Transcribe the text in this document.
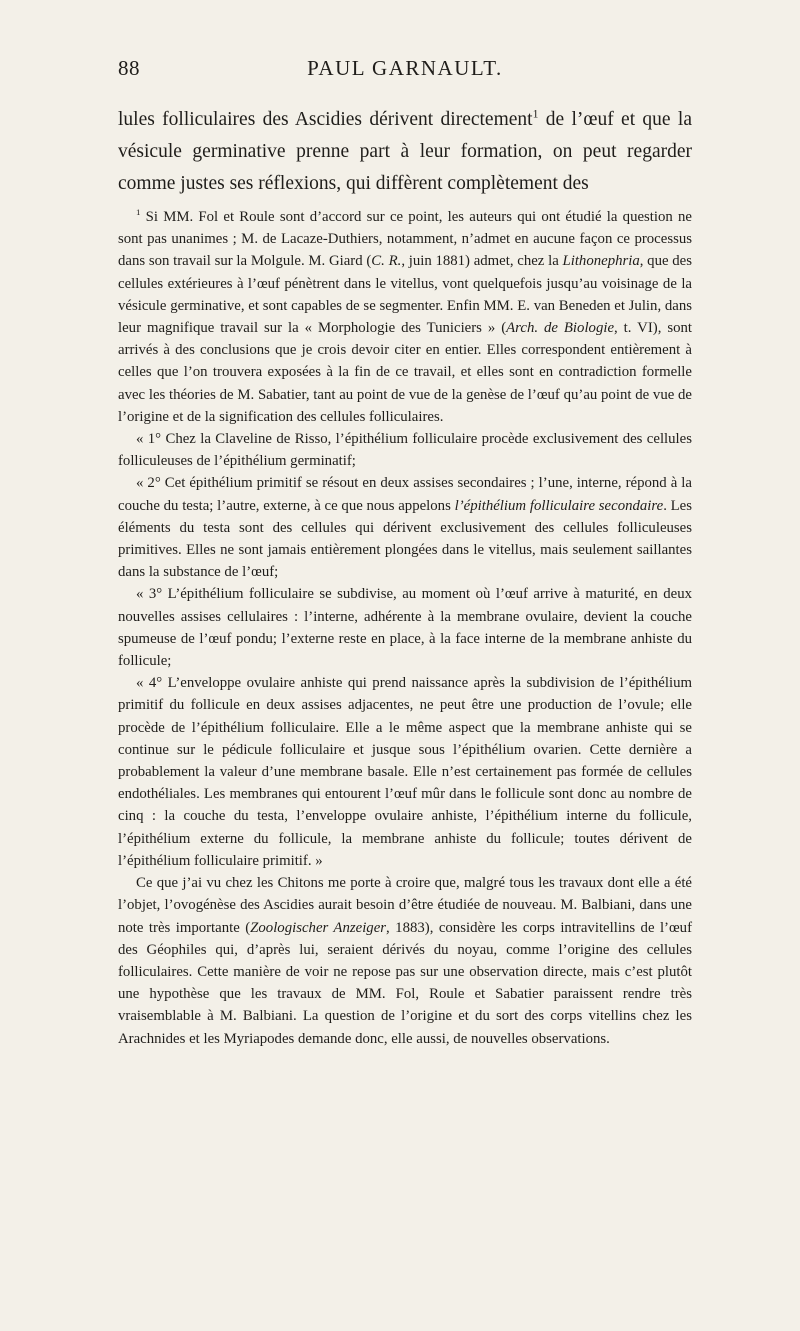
88	PAUL GARNAULT.

lules folliculaires des Ascidies dérivent directement$^1$ de l’œuf et que la vésicule germinative prenne part à leur formation, on peut regarder comme justes ses réflexions, qui diffèrent complètement des

$^1$ Si MM. Fol et Roule sont d’accord sur ce point, les auteurs qui ont étudié la question ne sont pas unanimes ; M. de Lacaze-Duthiers, notamment, n’admet en aucune façon ce processus dans son travail sur la Molgule. M. Giard (C. R., juin 1881) admet, chez la Lithonephria, que des cellules extérieures à l’œuf pénètrent dans le vitellus, vont quelquefois jusqu’au voisinage de la vésicule germinative, et sont capables de se segmenter. Enfin MM. E. van Beneden et Julin, dans leur magnifique travail sur la « Morphologie des Tuniciers » (Arch. de Biologie, t. VI), sont arrivés à des conclusions que je crois devoir citer en entier. Elles correspondent entièrement à celles que l’on trouvera exposées à la fin de ce travail, et elles sont en contradiction formelle avec les théories de M. Sabatier, tant au point de vue de la genèse de l’œuf qu’au point de vue de l’origine et de la signification des cellules folliculaires.

« 1° Chez la Claveline de Risso, l’épithélium folliculaire procède exclusivement des cellules folliculeuses de l’épithélium germinatif;

« 2° Cet épithélium primitif se résout en deux assises secondaires ; l’une, interne, répond à la couche du testa; l’autre, externe, à ce que nous appelons l’épithélium folliculaire secondaire. Les éléments du testa sont des cellules qui dérivent exclusivement des cellules folliculeuses primitives. Elles ne sont jamais entièrement plongées dans le vitellus, mais seulement saillantes dans la substance de l’œuf;

« 3° L’épithélium folliculaire se subdivise, au moment où l’œuf arrive à maturité, en deux nouvelles assises cellulaires : l’interne, adhérente à la membrane ovulaire, devient la couche spumeuse de l’œuf pondu; l’externe reste en place, à la face interne de la membrane anhiste du follicule;

« 4° L’enveloppe ovulaire anhiste qui prend naissance après la subdivision de l’épithélium primitif du follicule en deux assises adjacentes, ne peut être une production de l’ovule; elle procède de l’épithélium folliculaire. Elle a le même aspect que la membrane anhiste qui se continue sur le pédicule folliculaire et jusque sous l’épithélium ovarien. Cette dernière a probablement la valeur d’une membrane basale. Elle n’est certainement pas formée de cellules endothéliales. Les membranes qui entourent l’œuf mûr dans le follicule sont donc au nombre de cinq : la couche du testa, l’enveloppe ovulaire anhiste, l’épithélium interne du follicule, l’épithélium externe du follicule, la membrane anhiste du follicule; toutes dérivent de l’épithélium folliculaire primitif. »

Ce que j’ai vu chez les Chitons me porte à croire que, malgré tous les travaux dont elle a été l’objet, l’ovogénèse des Ascidies aurait besoin d’être étudiée de nouveau. M. Balbiani, dans une note très importante (Zoologischer Anzeiger, 1883), considère les corps intravitellins de l’œuf des Géophiles qui, d’après lui, seraient dérivés du noyau, comme l’origine des cellules folliculaires. Cette manière de voir ne repose pas sur une observation directe, mais c’est plutôt une hypothèse que les travaux de MM. Fol, Roule et Sabatier paraissent rendre très vraisemblable à M. Balbiani. La question de l’origine et du sort des corps vitellins chez les Arachnides et les Myriapodes demande donc, elle aussi, de nouvelles observations.
